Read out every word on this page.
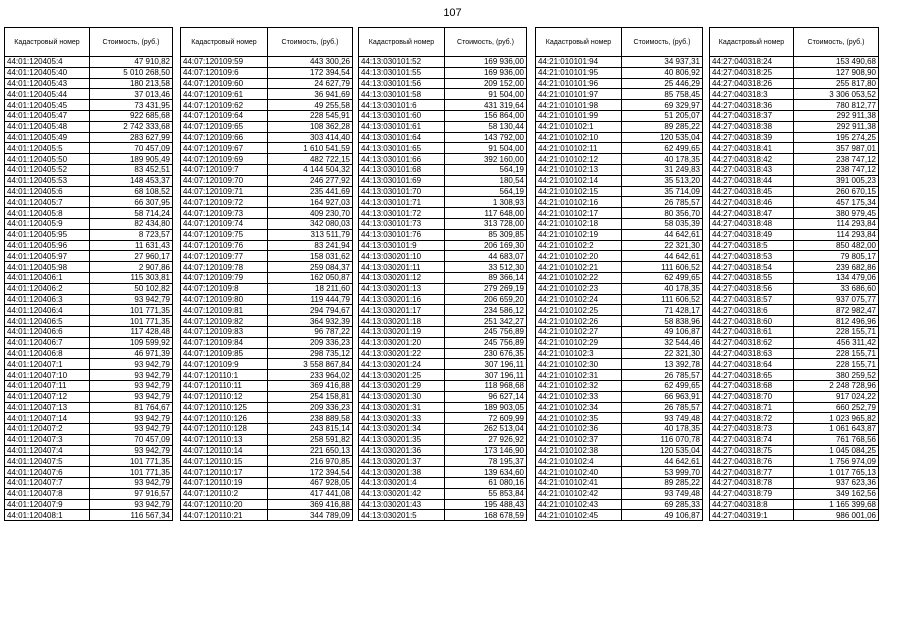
107
Кадастровый номер	Стоимость, (руб.)
44:01:120405:4	47 910,82
44:01:120405:40	5 010 268,50
44:01:120405:43	180 213,58
44:01:120405:44	37 013,46
44:01:120405:45	73 431,95
44:01:120405:47	922 685,68
44:01:120405:48	2 742 333,68
44:01:120405:49	283 627,99
44:01:120405:5	70 457,09
44:01:120405:50	189 905,49
44:01:120405:52	83 452,51
44:01:120405:53	148 453,37
44:01:120405:6	68 108,52
44:01:120405:7	66 307,95
44:01:120405:8	58 714,24
44:01:120405:9	82 434,80
44:01:120405:95	8 723,57
44:01:120405:96	11 631,43
44:01:120405:97	27 960,17
44:01:120405:98	2 907,86
44:01:120406:1	115 303,81
44:01:120406:2	50 102,82
44:01:120406:3	93 942,79
44:01:120406:4	101 771,35
44:01:120406:5	101 771,35
44:01:120406:6	117 428,48
44:01:120406:7	109 599,92
44:01:120406:8	46 971,39
44:01:120407:1	93 942,79
44:01:120407:10	93 942,79
44:01:120407:11	93 942,79
44:01:120407:12	93 942,79
44:01:120407:13	81 764,67
44:01:120407:14	93 942,79
44:01:120407:2	93 942,79
44:01:120407:3	70 457,09
44:01:120407:4	93 942,79
44:01:120407:5	101 771,35
44:01:120407:6	101 771,35
44:01:120407:7	93 942,79
44:01:120407:8	97 916,57
44:01:120407:9	93 942,79
44:01:120408:1	116 567,34
Кадастровый номер	Стоимость, (руб.)
44:07:120109:59	443 300,26
44:07:120109:6	172 394,54
44:07:120109:60	24 627,79
44:07:120109:61	36 941,69
44:07:120109:62	49 255,58
44:07:120109:64	228 545,91
44:07:120109:65	108 362,28
44:07:120109:66	303 414,40
44:07:120109:67	1 610 541,59
44:07:120109:69	482 722,15
44:07:120109:7	4 144 504,32
44:07:120109:70	246 277,92
44:07:120109:71	235 441,69
44:07:120109:72	164 927,03
44:07:120109:73	409 230,70
44:07:120109:74	342 080,03
44:07:120109:75	313 511,79
44:07:120109:76	83 241,94
44:07:120109:77	158 031,62
44:07:120109:78	259 084,37
44:07:120109:79	162 050,87
44:07:120109:8	18 211,60
44:07:120109:80	119 444,79
44:07:120109:81	294 794,67
44:07:120109:82	364 932,39
44:07:120109:83	96 787,22
44:07:120109:84	209 336,23
44:07:120109:85	298 735,12
44:07:120109:9	3 558 867,84
44:07:120110:1	233 964,02
44:07:120110:11	369 416,88
44:07:120110:12	254 158,81
44:07:120110:125	209 336,23
44:07:120110:126	238 889,58
44:07:120110:128	243 815,14
44:07:120110:13	258 591,82
44:07:120110:14	221 650,13
44:07:120110:15	216 970,85
44:07:120110:17	172 394,54
44:07:120110:19	467 928,05
44:07:120110:2	417 441,08
44:07:120110:20	369 416,88
44:07:120110:21	344 789,09
Кадастровый номер	Стоимость, (руб.)
44:13:030101:52	169 936,00
44:13:030101:55	169 936,00
44:13:030101:56	209 152,00
44:13:030101:58	91 504,00
44:13:030101:6	431 319,64
44:13:030101:60	156 864,00
44:13:030101:61	58 130,44
44:13:030101:64	143 792,00
44:13:030101:65	91 504,00
44:13:030101:66	392 160,00
44:13:030101:68	564,19
44:13:030101:69	180,54
44:13:030101:70	564,19
44:13:030101:71	1 308,93
44:13:030101:72	117 648,00
44:13:030101:73	313 728,00
44:13:030101:76	85 309,85
44:13:030101:9	206 169,30
44:13:030201:10	44 683,07
44:13:030201:11	33 512,30
44:13:030201:12	89 366,14
44:13:030201:13	279 269,19
44:13:030201:16	206 659,20
44:13:030201:17	234 586,12
44:13:030201:18	251 342,27
44:13:030201:19	245 756,89
44:13:030201:20	245 756,89
44:13:030201:22	230 676,35
44:13:030201:24	307 196,11
44:13:030201:25	307 196,11
44:13:030201:29	118 968,68
44:13:030201:30	96 627,14
44:13:030201:31	189 903,05
44:13:030201:33	72 609,99
44:13:030201:34	262 513,04
44:13:030201:35	27 926,92
44:13:030201:36	173 146,90
44:13:030201:37	78 195,37
44:13:030201:38	139 634,60
44:13:030201:4	61 080,16
44:13:030201:42	55 853,84
44:13:030201:43	195 488,43
44:13:030201:5	168 678,59
Кадастровый номер	Стоимость, (руб.)
44:21:010101:94	34 937,31
44:21:010101:95	40 806,92
44:21:010101:96	25 446,29
44:21:010101:97	85 758,45
44:21:010101:98	69 329,97
44:21:010101:99	51 205,07
44:21:010102:1	89 285,22
44:21:010102:10	120 535,04
44:21:010102:11	62 499,65
44:21:010102:12	40 178,35
44:21:010102:13	31 249,83
44:21:010102:14	35 513,20
44:21:010102:15	35 714,09
44:21:010102:16	26 785,57
44:21:010102:17	80 356,70
44:21:010102:18	58 035,39
44:21:010102:19	44 642,61
44:21:010102:2	22 321,30
44:21:010102:20	44 642,61
44:21:010102:21	111 606,52
44:21:010102:22	62 499,65
44:21:010102:23	40 178,35
44:21:010102:24	111 606,52
44:21:010102:25	71 428,17
44:21:010102:26	58 838,96
44:21:010102:27	49 106,87
44:21:010102:29	32 544,46
44:21:010102:3	22 321,30
44:21:010102:30	13 392,78
44:21:010102:31	26 785,57
44:21:010102:32	62 499,65
44:21:010102:33	66 963,91
44:21:010102:34	26 785,57
44:21:010102:35	93 749,48
44:21:010102:36	40 178,35
44:21:010102:37	116 070,78
44:21:010102:38	120 535,04
44:21:010102:4	44 642,61
44:21:010102:40	53 999,70
44:21:010102:41	89 285,22
44:21:010102:42	93 749,48
44:21:010102:43	69 285,33
44:21:010102:45	49 106,87
Кадастровый номер	Стоимость, (руб.)
44:27:040318:24	153 490,68
44:27:040318:25	127 908,90
44:27:040318:26	255 817,80
44:27:040318:3	3 306 053,52
44:27:040318:36	780 812,77
44:27:040318:37	292 911,38
44:27:040318:38	292 911,38
44:27:040318:39	195 274,25
44:27:040318:41	357 987,01
44:27:040318:42	238 747,12
44:27:040318:43	238 747,12
44:27:040318:44	391 005,23
44:27:040318:45	260 670,15
44:27:040318:46	457 175,34
44:27:040318:47	380 979,45
44:27:040318:48	114 293,84
44:27:040318:49	114 293,84
44:27:040318:5	850 482,00
44:27:040318:53	79 805,17
44:27:040318:54	239 682,86
44:27:040318:55	134 479,06
44:27:040318:56	33 686,60
44:27:040318:57	937 075,77
44:27:040318:6	872 982,47
44:27:040318:60	812 496,96
44:27:040318:61	228 155,71
44:27:040318:62	456 311,42
44:27:040318:63	228 155,71
44:27:040318:64	228 155,71
44:27:040318:65	380 259,52
44:27:040318:68	2 248 728,96
44:27:040318:70	917 024,22
44:27:040318:71	660 252,79
44:27:040318:72	1 023 965,82
44:27:040318:73	1 061 643,87
44:27:040318:74	761 768,56
44:27:040318:75	1 045 084,25
44:27:040318:76	1 756 974,09
44:27:040318:77	1 017 765,13
44:27:040318:78	937 623,36
44:27:040318:79	349 162,56
44:27:040318:8	1 165 399,68
44:27:040319:1	986 001,06
